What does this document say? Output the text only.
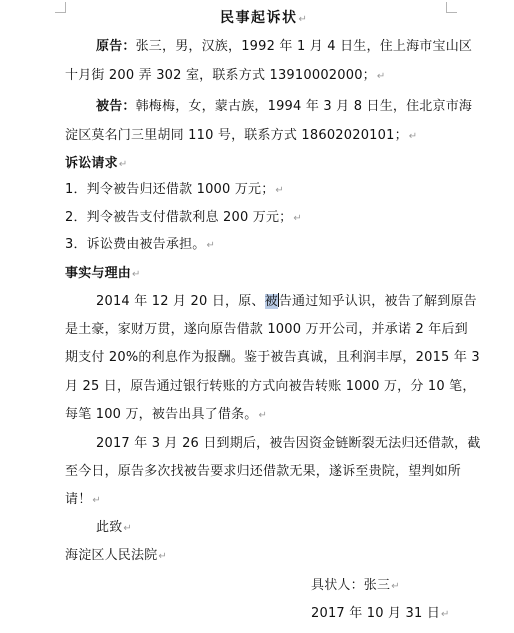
民事起诉状↵
原告：张三，男，汉族，1992 年 1 月 4 日生，住上海市宝山区
十月街 200 弄 302 室，联系方式 13910002000；↵
被告：韩梅梅，女，蒙古族，1994 年 3 月 8 日生，住北京市海
淀区莫名门三里胡同 110 号，联系方式 18602020101；↵
诉讼请求↵
1．判令被告归还借款 1000 万元；↵
2．判令被告支付借款利息 200 万元；↵
3．诉讼费由被告承担。↵
事实与理由↵
2014 年 12 月 20 日，原、被告通过知乎认识，被告了解到原告
是土豪，家财万贯，遂向原告借款 1000 万开公司，并承诺 2 年后到
期支付 20%的利息作为报酬。鉴于被告真诚，且利润丰厚，2015 年 3
月 25 日，原告通过银行转账的方式向被告转账 1000 万，分 10 笔，
每笔 100 万，被告出具了借条。↵
2017 年 3 月 26 日到期后，被告因资金链断裂无法归还借款，截
至今日，原告多次找被告要求归还借款无果，遂诉至贵院，望判如所
请！↵
此致↵
海淀区人民法院↵
具状人：张三↵
2017 年 10 月 31 日↵
